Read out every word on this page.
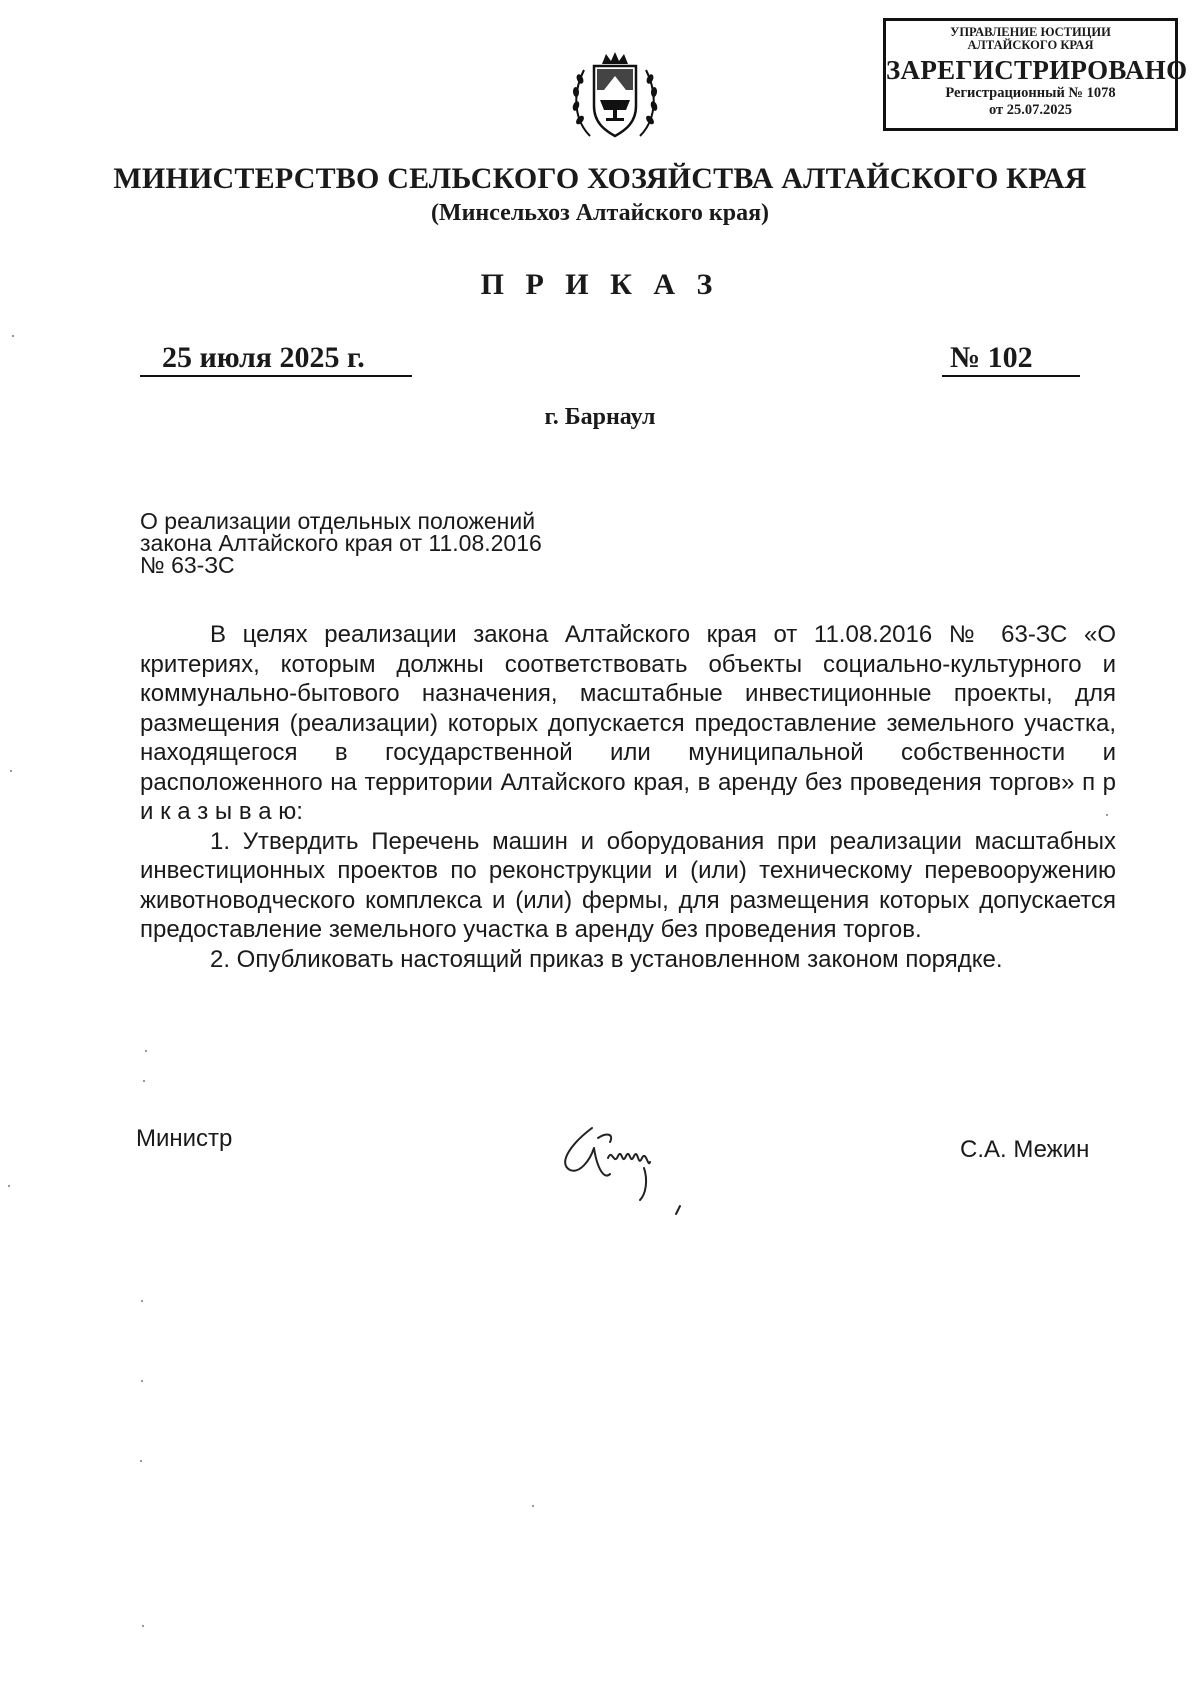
УПРАВЛЕНИЕ ЮСТИЦИИ
АЛТАЙСКОГО КРАЯ
ЗАРЕГИСТРИРОВАНО
Регистрационный № 1078
от 25.07.2025
МИНИСТЕРСТВО СЕЛЬСКОГО ХОЗЯЙСТВА АЛТАЙСКОГО КРАЯ
(Минсельхоз Алтайского края)
П Р И К А З
25 июля 2025 г.	№ 102
г. Барнаул
О реализации отдельных положений
закона Алтайского края от 11.08.2016
№ 63-ЗС

В целях реализации закона Алтайского края от 11.08.2016 № 63-ЗС «О критериях, которым должны соответствовать объекты социально-культурного и коммунально-бытового назначения, масштабные инвестиционные проекты, для размещения (реализации) которых допускается предоставление земельного участка, находящегося в государственной или муниципальной собственности и расположенного на территории Алтайского края, в аренду без проведения торгов» п р и к а з ы в а ю:

1. Утвердить Перечень машин и оборудования при реализации масштабных инвестиционных проектов по реконструкции и (или) техническому перевооружению животноводческого комплекса и (или) фермы, для размещения которых допускается предоставление земельного участка в аренду без проведения торгов.

2. Опубликовать настоящий приказ в установленном законом порядке.

Министр	С.А. Межин
